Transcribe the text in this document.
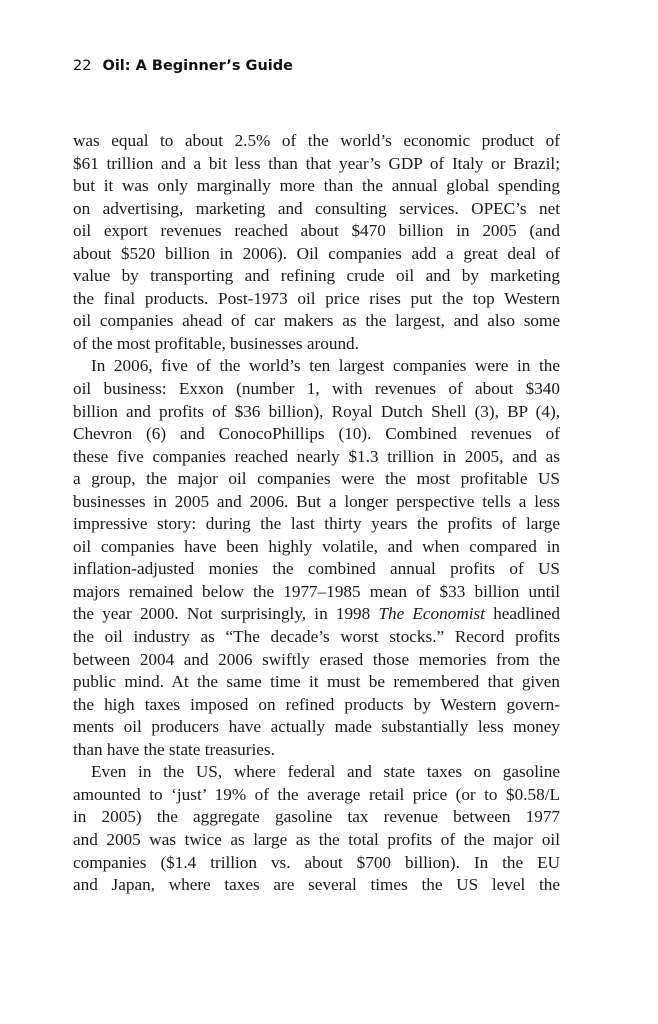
22 Oil: A Beginner’s Guide
was equal to about 2.5% of the world’s economic product of
$61 trillion and a bit less than that year’s GDP of Italy or Brazil;
but it was only marginally more than the annual global spending
on advertising, marketing and consulting services. OPEC’s net
oil export revenues reached about $470 billion in 2005 (and
about $520 billion in 2006). Oil companies add a great deal of
value by transporting and refining crude oil and by marketing
the final products. Post-1973 oil price rises put the top Western
oil companies ahead of car makers as the largest, and also some
of the most profitable, businesses around.
In 2006, five of the world’s ten largest companies were in the
oil business: Exxon (number 1, with revenues of about $340
billion and profits of $36 billion), Royal Dutch Shell (3), BP (4),
Chevron (6) and ConocoPhillips (10). Combined revenues of
these five companies reached nearly $1.3 trillion in 2005, and as
a group, the major oil companies were the most profitable US
businesses in 2005 and 2006. But a longer perspective tells a less
impressive story: during the last thirty years the profits of large
oil companies have been highly volatile, and when compared in
inflation-adjusted monies the combined annual profits of US
majors remained below the 1977–1985 mean of $33 billion until
the year 2000. Not surprisingly, in 1998 The Economist headlined
the oil industry as “The decade’s worst stocks.” Record profits
between 2004 and 2006 swiftly erased those memories from the
public mind. At the same time it must be remembered that given
the high taxes imposed on refined products by Western govern-
ments oil producers have actually made substantially less money
than have the state treasuries.
Even in the US, where federal and state taxes on gasoline
amounted to ‘just’ 19% of the average retail price (or to $0.58/L
in 2005) the aggregate gasoline tax revenue between 1977
and 2005 was twice as large as the total profits of the major oil
companies ($1.4 trillion vs. about $700 billion). In the EU
and Japan, where taxes are several times the US level the
